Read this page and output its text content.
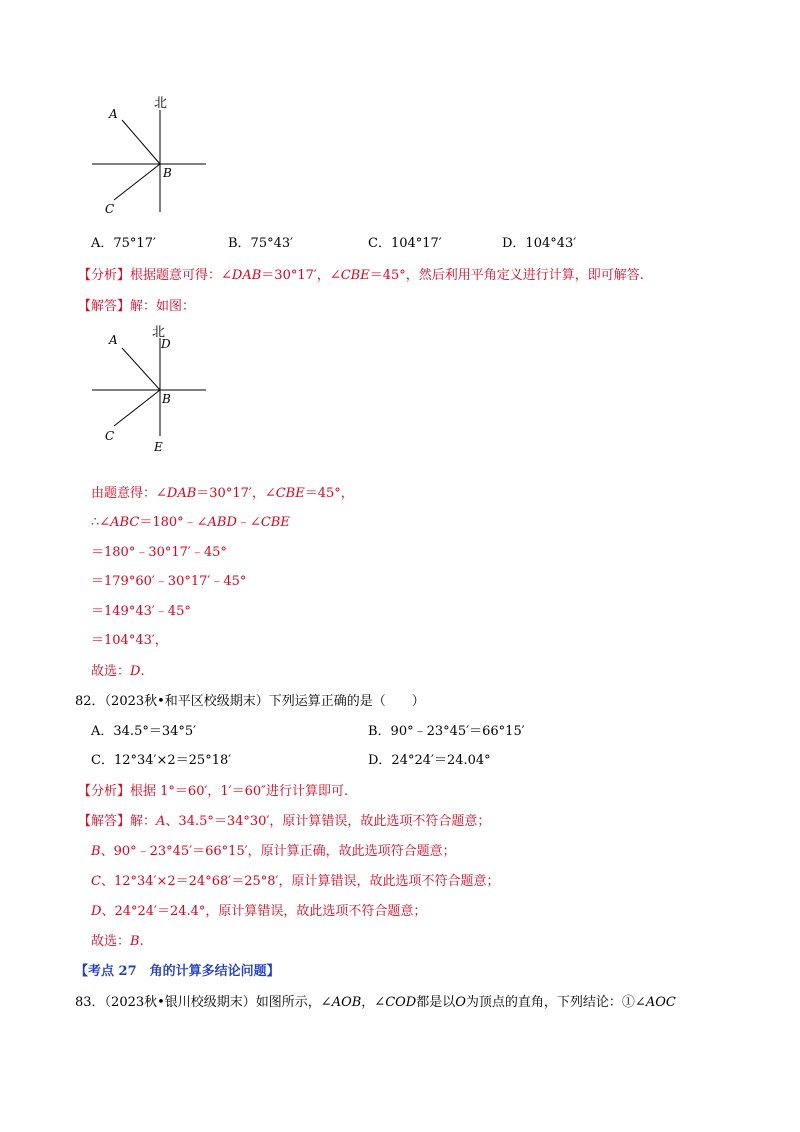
北
A
B
C
A．75°17′	B．75°43′	C．104°17′	D．104°43′
【分析】根据题意可得：∠DAB＝30°17′，∠CBE＝45°，然后利用平角定义进行计算，即可解答.
【解答】解：如图：
北
D
A
B
C
E
由题意得：∠DAB＝30°17′，∠CBE＝45°，
∴∠ABC＝180°﹣∠ABD﹣∠CBE
＝180°﹣30°17′﹣45°
＝179°60′﹣30°17′﹣45°
＝149°43′﹣45°
＝104°43′，
故选：D.
82．（2023秋•和平区校级期末）下列运算正确的是（　　）
A．34.5°＝34°5′	B．90°﹣23°45′＝66°15′
C．12°34′×2＝25°18′	D．24°24′＝24.04°
【分析】根据 1°＝60′，1′＝60″进行计算即可.
【解答】解：A、34.5°＝34°30′，原计算错误，故此选项不符合题意；
B、90°﹣23°45′＝66°15′，原计算正确，故此选项符合题意；
C、12°34′×2＝24°68′＝25°8′，原计算错误，故此选项不符合题意；
D、24°24′＝24.4°，原计算错误，故此选项不符合题意；
故选：B.
【考点 27　角的计算多结论问题】
83．（2023秋•银川校级期末）如图所示，∠AOB，∠COD都是以O为顶点的直角，下列结论：①∠AOC
